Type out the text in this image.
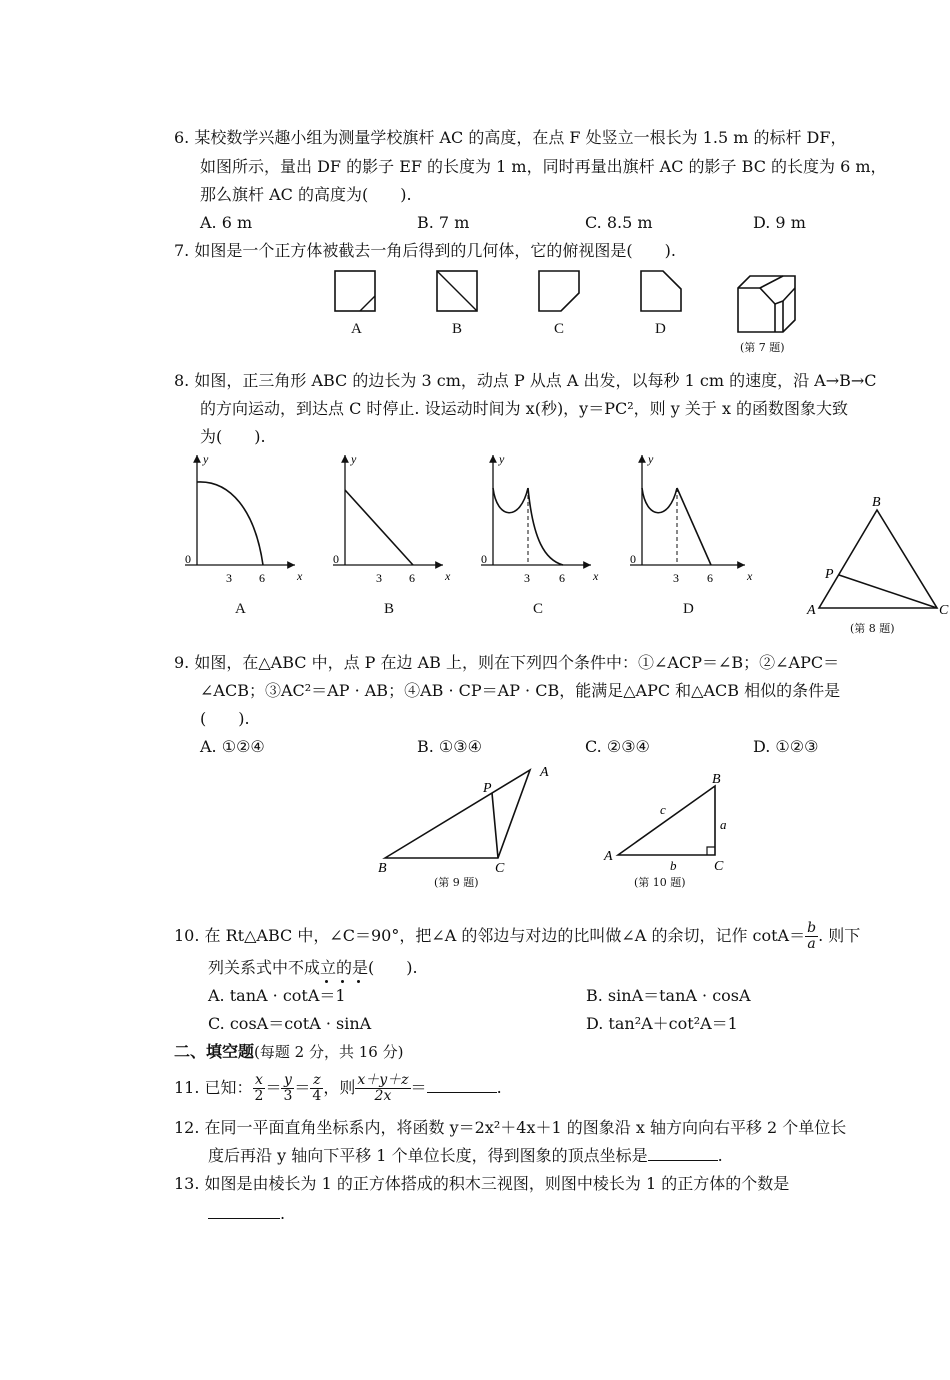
6. 某校数学兴趣小组为测量学校旗杆 AC 的高度，在点 F 处竖立一根长为 1.5 m 的标杆 DF，
如图所示，量出 DF 的影子 EF 的长度为 1 m，同时再量出旗杆 AC 的影子 BC 的长度为 6 m，
那么旗杆 AC 的高度为(　　).
A. 6 m	B. 7 m	C. 8.5 m	D. 9 m
7. 如图是一个正方体被截去一角后得到的几何体，它的俯视图是(　　).
A	B	C	D
(第 7 题)
8. 如图，正三角形 ABC 的边长为 3 cm，动点 P 从点 A 出发，以每秒 1 cm 的速度，沿 A→B→C
的方向运动，到达点 C 时停止. 设运动时间为 x(秒)，y＝PC²，则 y 关于 x 的函数图象大致
为(　　).
y
x
0
3 6
y
x
0
3 6
y
x
0
3 6
y
x
0
3 6
A	B	C	D
B
P
A	C
(第 8 题)
9. 如图，在△ABC 中，点 P 在边 AB 上，则在下列四个条件中：①∠ACP＝∠B；②∠APC＝
∠ACB；③AC²＝AP · AB；④AB · CP＝AP · CB，能满足△APC 和△ACB 相似的条件是
(　　).
A. ①②④	B. ①③④	C. ②③④	D. ①②③
A
P
B	C
(第 9 题)
B
c
a
A
b	C
(第 10 题)
10. 在 Rt△ABC 中，∠C＝90°，把∠A 的邻边与对边的比叫做∠A 的余切，记作 $\cot A= \frac{b}{a}$ . 则下
列关系式中不成立的是(　　).
A. tanA · cotA＝1	B. sinA＝tanA · cosA
C. cosA＝cotA · sinA	D. tan²A＋cot²A＝1
二、填空题(每题 2 分，共 16 分)
11. 已知： $\frac{x}{2} = \frac{y}{3} = \frac{z}{4}$ ，则 $\frac{x+y+z}{2x}$ ＝	.
12. 在同一平面直角坐标系内，将函数 y＝2x²＋4x＋1 的图象沿 x 轴方向向右平移 2 个单位长
度后再沿 y 轴向下平移 1 个单位长度，得到图象的顶点坐标是	.
13. 如图是由棱长为 1 的正方体搭成的积木三视图，则图中棱长为 1 的正方体的个数是
.
